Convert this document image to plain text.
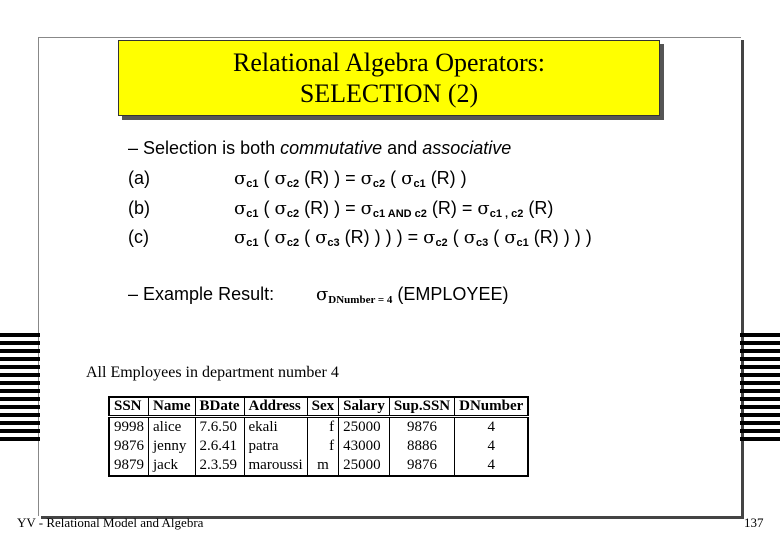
Relational Algebra Operators:
SELECTION (2)
– Selection is both commutative and associative
(a)	$\sigma_{c1}$ ( $\sigma_{c2}$ (R) ) = $\sigma_{c2}$ ( $\sigma_{c1}$ (R) )
(b)	$\sigma_{c1}$ ( $\sigma_{c2}$ (R) ) = $\sigma_{c1 AND c2}$ $(R) = \sigma_{c1 , c2}$ (R)
(c)	$\sigma_{c1}$ ( $\sigma_{c2}$ ( $\sigma_{c3}$ (R) ) ) ) = $\sigma_{c2}$ ( $\sigma_{c3}$ ( $\sigma_{c1}$ (R) ) ) )
– Example Result: $\sigma_{DNumber = 4}$ (EMPLOYEE)
All Employees in department number 4
SSN	Name	BDate	Address	Sex	Salary	Sup.SSN	DNumber
9998	alice	7.6.50	ekali	f	25000	9876	4
9876	jenny	2.6.41	patra	f	43000	8886	4
9879	jack	2.3.59	maroussi	m	25000	9876	4
YV - Relational Model and Algebra	137
